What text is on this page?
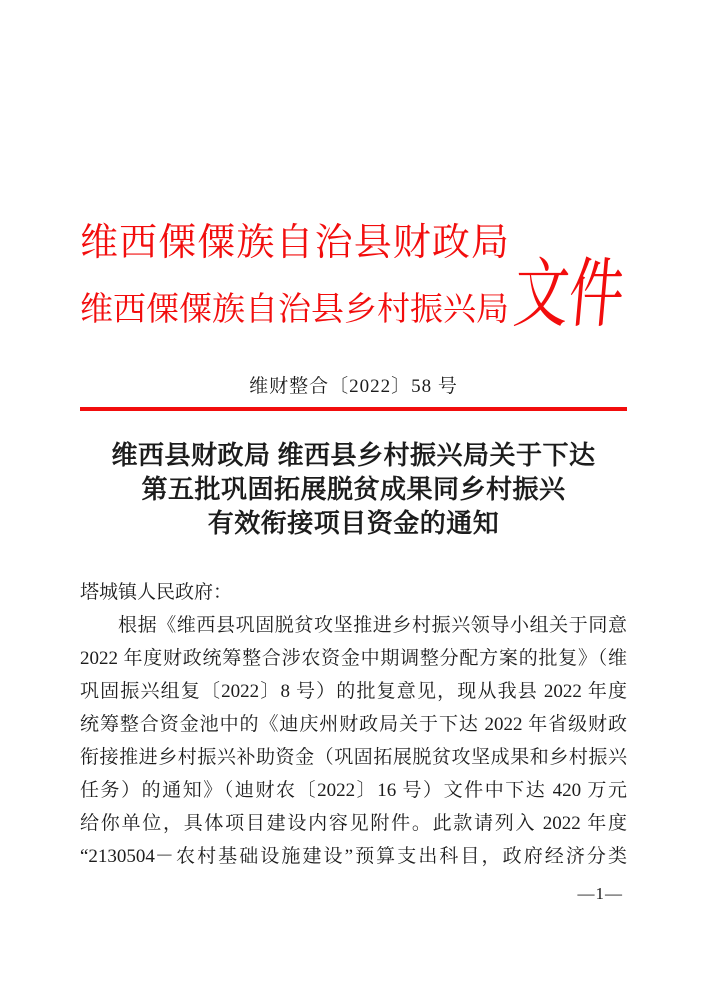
维西傈僳族自治县财政局
维西傈僳族自治县乡村振兴局 文件
维财整合〔2022〕58 号
维西县财政局 维西县乡村振兴局关于下达
第五批巩固拓展脱贫成果同乡村振兴
有效衔接项目资金的通知
塔城镇人民政府：
根据《维西县巩固脱贫攻坚推进乡村振兴领导小组关于同意
2022 年度财政统筹整合涉农资金中期调整分配方案的批复》（维
巩固振兴组复〔2022〕8 号）的批复意见，现从我县 2022 年度
统筹整合资金池中的《迪庆州财政局关于下达 2022 年省级财政
衔接推进乡村振兴补助资金（巩固拓展脱贫攻坚成果和乡村振兴
任务）的通知》（迪财农〔2022〕16 号）文件中下达 420 万元
给你单位，具体项目建设内容见附件。此款请列入 2022 年度
“2130504－农村基础设施建设”预算支出科目，政府经济分类
—1—
